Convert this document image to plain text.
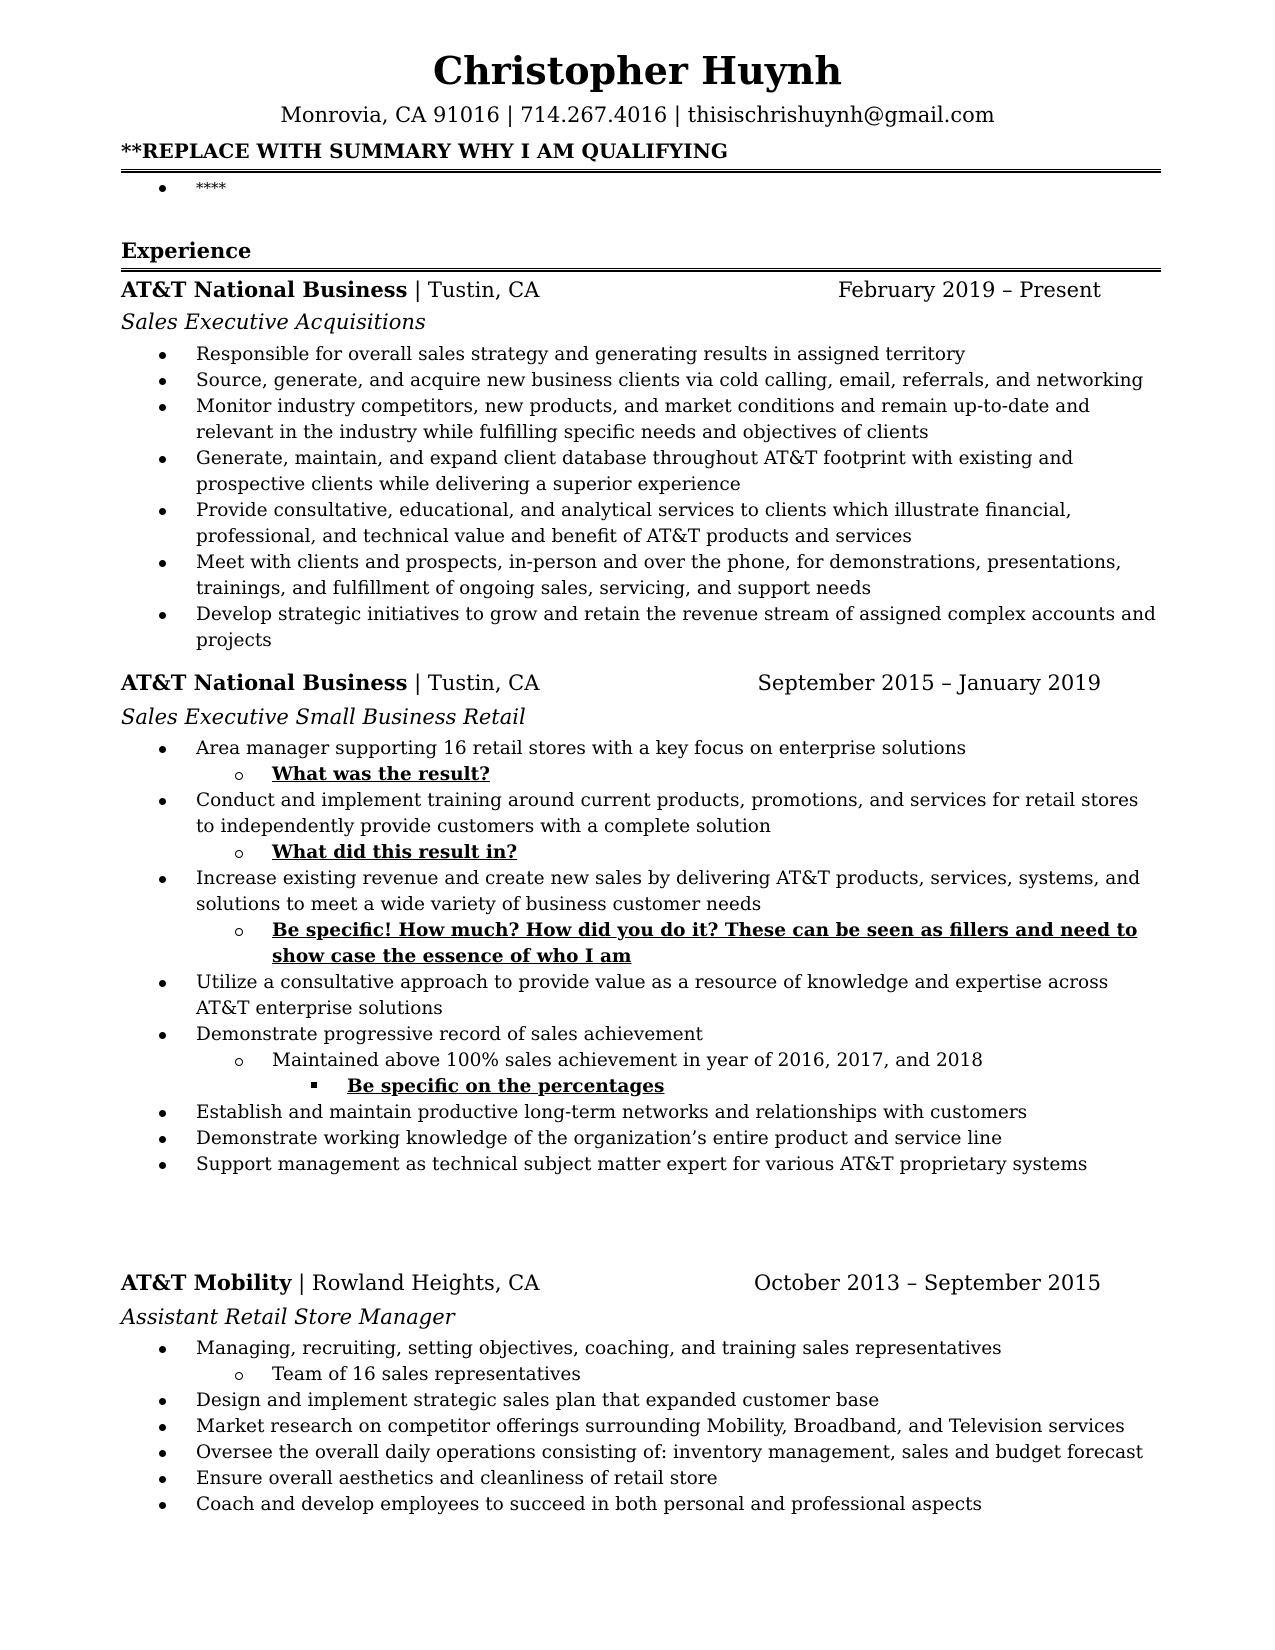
Christopher Huynh
Monrovia, CA 91016 | 714.267.4016 | thisischrishuynh@gmail.com
**REPLACE WITH SUMMARY WHY I AM QUALIFYING
****
Experience
AT&T National Business | Tustin, CA	February 2019 – Present
Sales Executive Acquisitions
Responsible for overall sales strategy and generating results in assigned territory
Source, generate, and acquire new business clients via cold calling, email, referrals, and networking
Monitor industry competitors, new products, and market conditions and remain up-to-date and relevant in the industry while fulfilling specific needs and objectives of clients
Generate, maintain, and expand client database throughout AT&T footprint with existing and prospective clients while delivering a superior experience
Provide consultative, educational, and analytical services to clients which illustrate financial, professional, and technical value and benefit of AT&T products and services
Meet with clients and prospects, in-person and over the phone, for demonstrations, presentations, trainings, and fulfillment of ongoing sales, servicing, and support needs
Develop strategic initiatives to grow and retain the revenue stream of assigned complex accounts and projects
AT&T National Business | Tustin, CA	September 2015 – January 2019
Sales Executive Small Business Retail
Area manager supporting 16 retail stores with a key focus on enterprise solutions
What was the result?
Conduct and implement training around current products, promotions, and services for retail stores to independently provide customers with a complete solution
What did this result in?
Increase existing revenue and create new sales by delivering AT&T products, services, systems, and solutions to meet a wide variety of business customer needs
Be specific! How much? How did you do it? These can be seen as fillers and need to show case the essence of who I am
Utilize a consultative approach to provide value as a resource of knowledge and expertise across AT&T enterprise solutions
Demonstrate progressive record of sales achievement
Maintained above 100% sales achievement in year of 2016, 2017, and 2018
Be specific on the percentages
Establish and maintain productive long-term networks and relationships with customers
Demonstrate working knowledge of the organization’s entire product and service line
Support management as technical subject matter expert for various AT&T proprietary systems
AT&T Mobility | Rowland Heights, CA	October 2013 – September 2015
Assistant Retail Store Manager
Managing, recruiting, setting objectives, coaching, and training sales representatives
Team of 16 sales representatives
Design and implement strategic sales plan that expanded customer base
Market research on competitor offerings surrounding Mobility, Broadband, and Television services
Oversee the overall daily operations consisting of: inventory management, sales and budget forecast
Ensure overall aesthetics and cleanliness of retail store
Coach and develop employees to succeed in both personal and professional aspects
